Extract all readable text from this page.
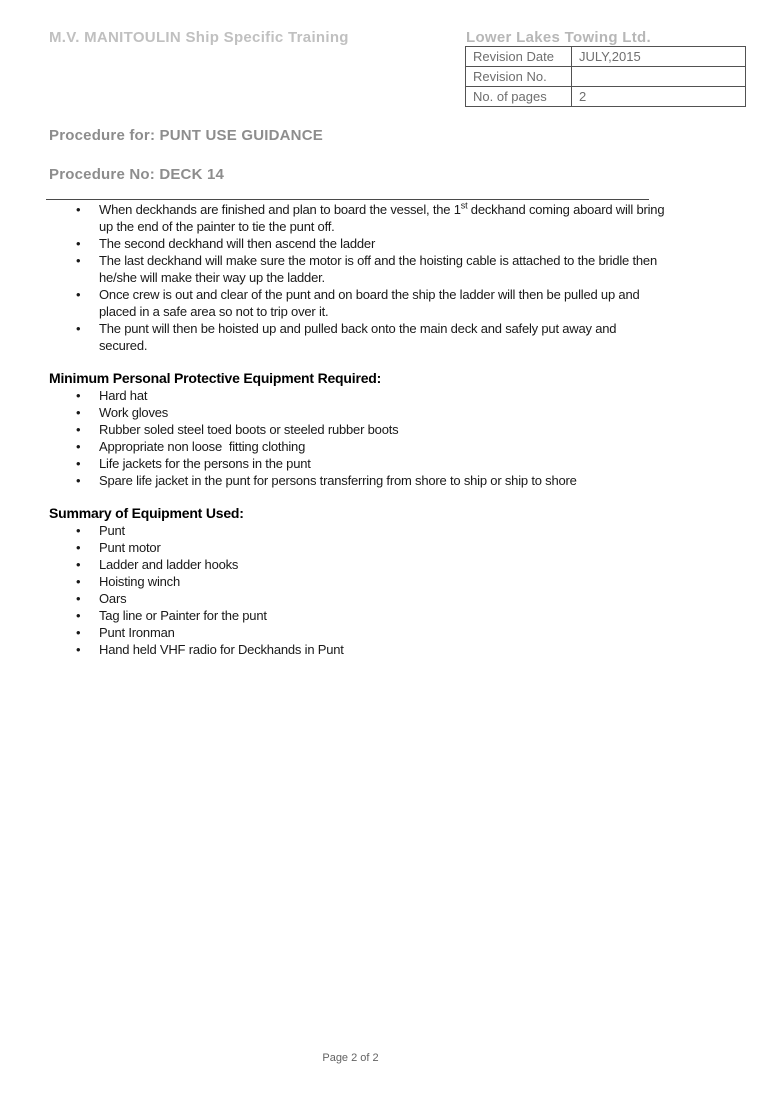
M.V. MANITOULIN Ship Specific Training	Lower Lakes Towing Ltd.
Revision Date	JULY,2015
Revision No.	
No. of pages	2
Procedure for: PUNT USE GUIDANCE
Procedure No: DECK 14
• When deckhands are finished and plan to board the vessel, the 1st deckhand coming aboard will bring up the end of the painter to tie the punt off.
• The second deckhand will then ascend the ladder
• The last deckhand will make sure the motor is off and the hoisting cable is attached to the bridle then he/she will make their way up the ladder.
• Once crew is out and clear of the punt and on board the ship the ladder will then be pulled up and placed in a safe area so not to trip over it.
• The punt will then be hoisted up and pulled back onto the main deck and safely put away and secured.
Minimum Personal Protective Equipment Required:
• Hard hat
• Work gloves
• Rubber soled steel toed boots or steeled rubber boots
• Appropriate non loose  fitting clothing
• Life jackets for the persons in the punt
• Spare life jacket in the punt for persons transferring from shore to ship or ship to shore
Summary of Equipment Used:
• Punt
• Punt motor
• Ladder and ladder hooks
• Hoisting winch
• Oars
• Tag line or Painter for the punt
• Punt Ironman
• Hand held VHF radio for Deckhands in Punt
Page 2 of 2
